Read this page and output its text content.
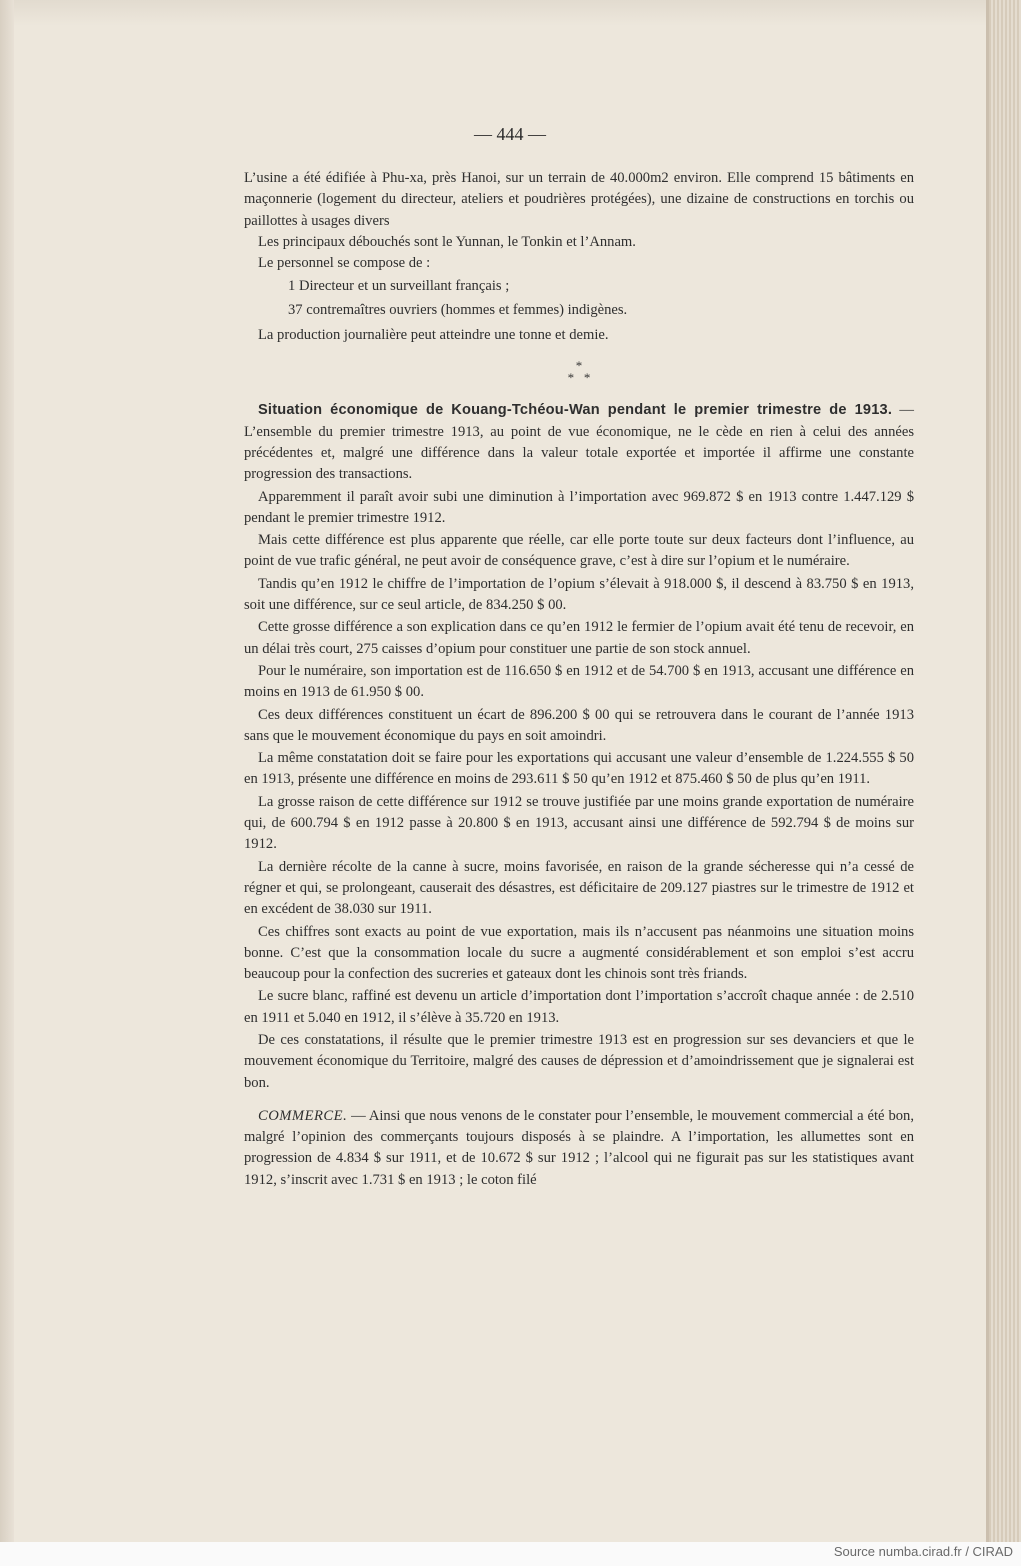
— 444 —

L’usine a été édifiée à Phu-xa, près Hanoi, sur un terrain de 40.000m2 environ. Elle comprend 15 bâtiments en maçonnerie (logement du directeur, ateliers et poudrières protégées), une dizaine de constructions en torchis ou paillottes à usages divers

Les principaux débouchés sont le Yunnan, le Tonkin et l’Annam.

Le personnel se compose de :

1 Directeur et un surveillant français ;

37 contremaîtres ouvriers (hommes et femmes) indigènes.

La production journalière peut atteindre une tonne et demie.

*
*   *

Situation économique de Kouang-Tchéou-Wan pendant le premier trimestre de 1913. — L’ensemble du premier trimestre 1913, au point de vue économique, ne le cède en rien à celui des années précédentes et, malgré une différence dans la valeur totale exportée et importée il affirme une constante progression des transactions.

Apparemment il paraît avoir subi une diminution à l’importation avec 969.872 $ en 1913 contre 1.447.129 $ pendant le premier trimestre 1912.

Mais cette différence est plus apparente que réelle, car elle porte toute sur deux facteurs dont l’influence, au point de vue trafic général, ne peut avoir de conséquence grave, c’est à dire sur l’opium et le numéraire.

Tandis qu’en 1912 le chiffre de l’importation de l’opium s’élevait à 918.000 $, il descend à 83.750 $ en 1913, soit une différence, sur ce seul article, de 834.250 $ 00.

Cette grosse différence a son explication dans ce qu’en 1912 le fermier de l’opium avait été tenu de recevoir, en un délai très court, 275 caisses d’opium pour constituer une partie de son stock annuel.

Pour le numéraire, son importation est de 116.650 $ en 1912 et de 54.700 $ en 1913, accusant une différence en moins en 1913 de 61.950 $ 00.

Ces deux différences constituent un écart de 896.200 $ 00 qui se retrouvera dans le courant de l’année 1913 sans que le mouvement économique du pays en soit amoindri.

La même constatation doit se faire pour les exportations qui accusant une valeur d’ensemble de 1.224.555 $ 50 en 1913, présente une différence en moins de 293.611 $ 50 qu’en 1912 et 875.460 $ 50 de plus qu’en 1911.

La grosse raison de cette différence sur 1912 se trouve justifiée par une moins grande exportation de numéraire qui, de 600.794 $ en 1912 passe à 20.800 $ en 1913, accusant ainsi une différence de 592.794 $ de moins sur 1912.

La dernière récolte de la canne à sucre, moins favorisée, en raison de la grande sécheresse qui n’a cessé de régner et qui, se prolongeant, causerait des désastres, est déficitaire de 209.127 piastres sur le trimestre de 1912 et en excédent de 38.030 sur 1911.

Ces chiffres sont exacts au point de vue exportation, mais ils n’accusent pas néanmoins une situation moins bonne. C’est que la consommation locale du sucre a augmenté considérablement et son emploi s’est accru beaucoup pour la confection des sucreries et gateaux dont les chinois sont très friands.

Le sucre blanc, raffiné est devenu un article d’importation dont l’importation s’accroît chaque année : de 2.510 en 1911 et 5.040 en 1912, il s’élève à 35.720 en 1913.

De ces constatations, il résulte que le premier trimestre 1913 est en progression sur ses devanciers et que le mouvement économique du Territoire, malgré des causes de dépression et d’amoindrissement que je signalerai est bon.

COMMERCE. — Ainsi que nous venons de le constater pour l’ensemble, le mouvement commercial a été bon, malgré l’opinion des commerçants toujours disposés à se plaindre. A l’importation, les allumettes sont en progression de 4.834 $ sur 1911, et de 10.672 $ sur 1912 ; l’alcool qui ne figurait pas sur les statistiques avant 1912, s’inscrit avec 1.731 $ en 1913 ; le coton filé

Source numba.cirad.fr / CIRAD
